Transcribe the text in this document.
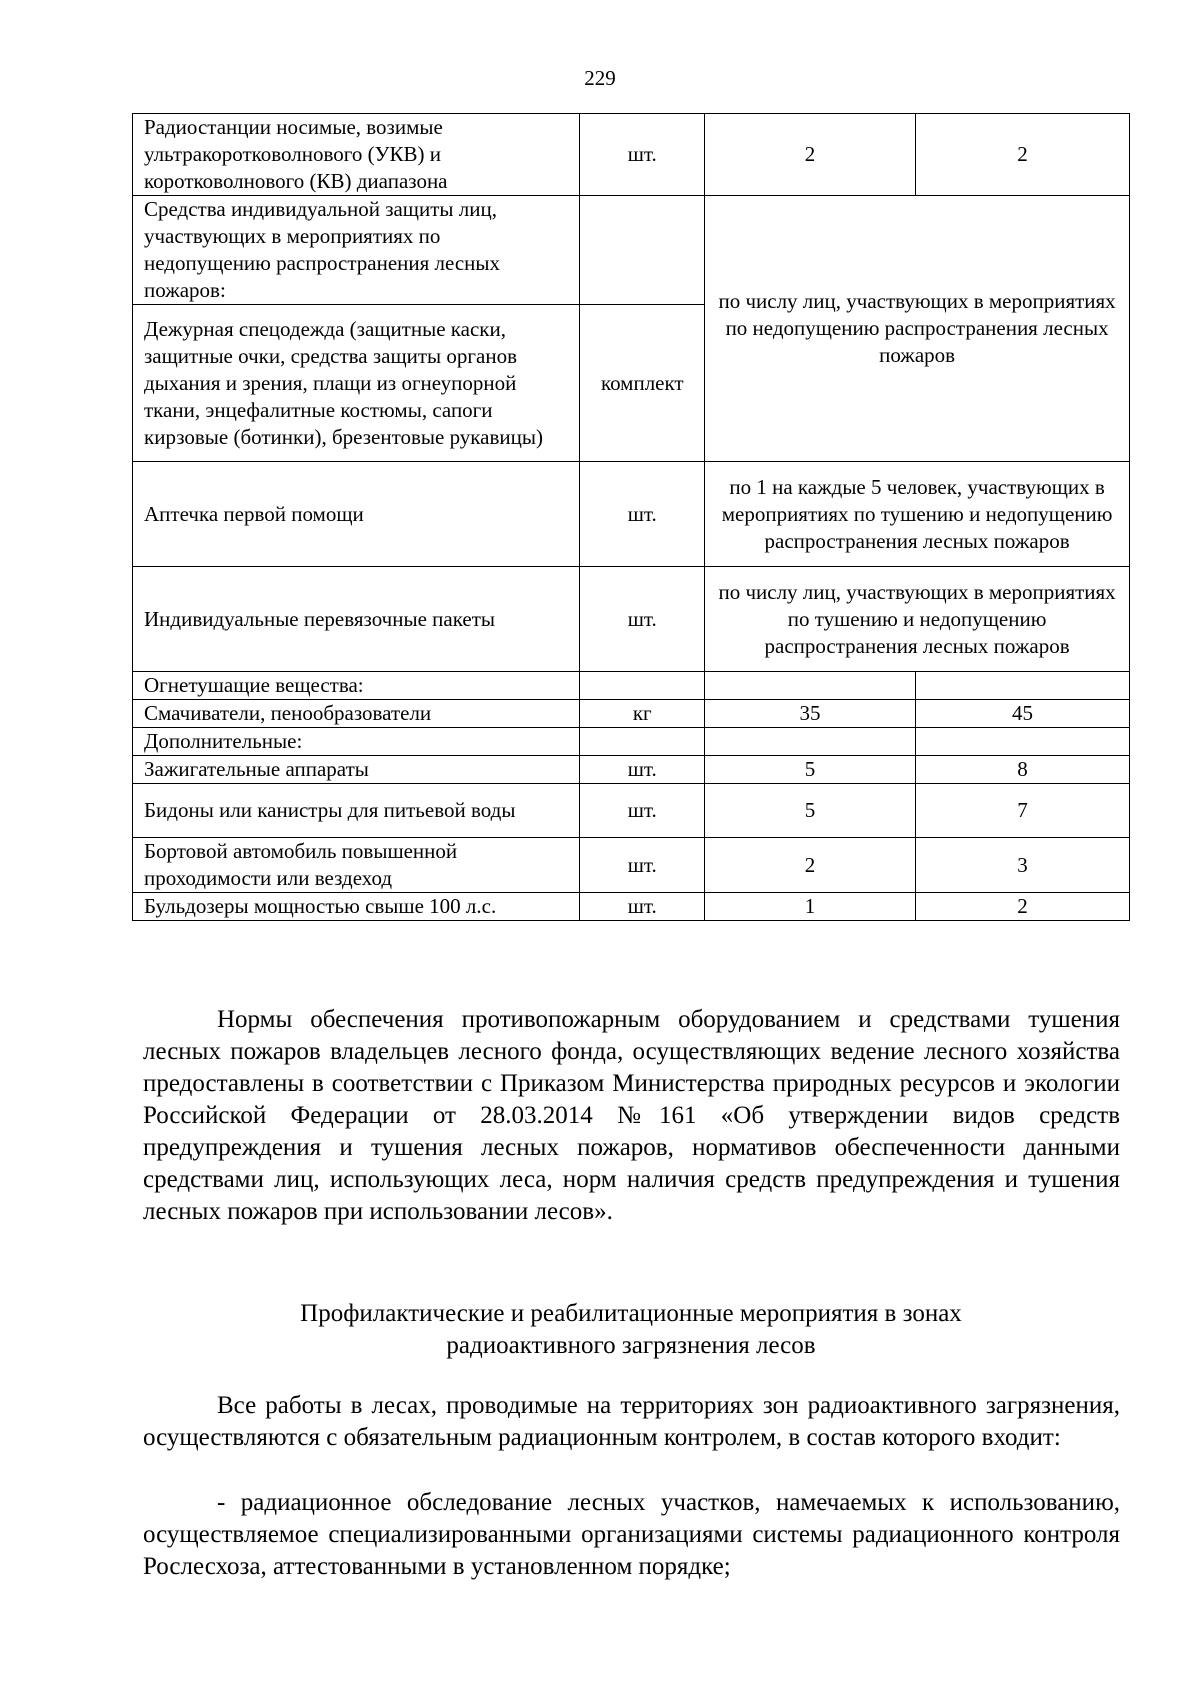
229
Радиостанции носимые, возимые ультракоротковолнового (УКВ) и коротковолнового (КВ) диапазона	шт.	2	2
Средства индивидуальной защиты лиц, участвующих в мероприятиях по недопущению распространения лесных пожаров:		по числу лиц, участвующих в мероприятиях по недопущению распространения лесных пожаров	
Дежурная спецодежда (защитные каски, защитные очки, средства защиты органов дыхания и зрения, плащи из огнеупорной ткани, энцефалитные костюмы, сапоги кирзовые (ботинки), брезентовые рукавицы)	комплект		
Аптечка первой помощи	шт.	по 1 на каждые 5 человек, участвующих в мероприятиях по тушению и недопущению распространения лесных пожаров	
Индивидуальные перевязочные пакеты	шт.	по числу лиц, участвующих в мероприятиях по тушению и недопущению распространения лесных пожаров	
Огнетушащие вещества:			
Смачиватели, пенообразователи	кг	35	45
Дополнительные:			
Зажигательные аппараты	шт.	5	8
Бидоны или канистры для питьевой воды	шт.	5	7
Бортовой автомобиль повышенной проходимости или вездеход	шт.	2	3
Бульдозеры мощностью свыше 100 л.с.	шт.	1	2

Нормы обеспечения противопожарным оборудованием и средствами тушения лесных пожаров владельцев лесного фонда, осуществляющих ведение лесного хозяйства предоставлены в соответствии с Приказом Министерства природных ресурсов и экологии Российской Федерации от 28.03.2014 №161 «Об утверждении видов средств предупреждения и тушения лесных пожаров, нормативов обеспеченности данными средствами лиц, использующих леса, норм наличия средств предупреждения и тушения лесных пожаров при использовании лесов».

Профилактические и реабилитационные мероприятия в зонах
радиоактивного загрязнения лесов

Все работы в лесах, проводимые на территориях зон радиоактивного загрязнения, осуществляются с обязательным радиационным контролем, в состав которого входит:

- радиационное обследование лесных участков, намечаемых к использованию, осуществляемое специализированными организациями системы радиационного контроля Рослесхоза, аттестованными в установленном порядке;
